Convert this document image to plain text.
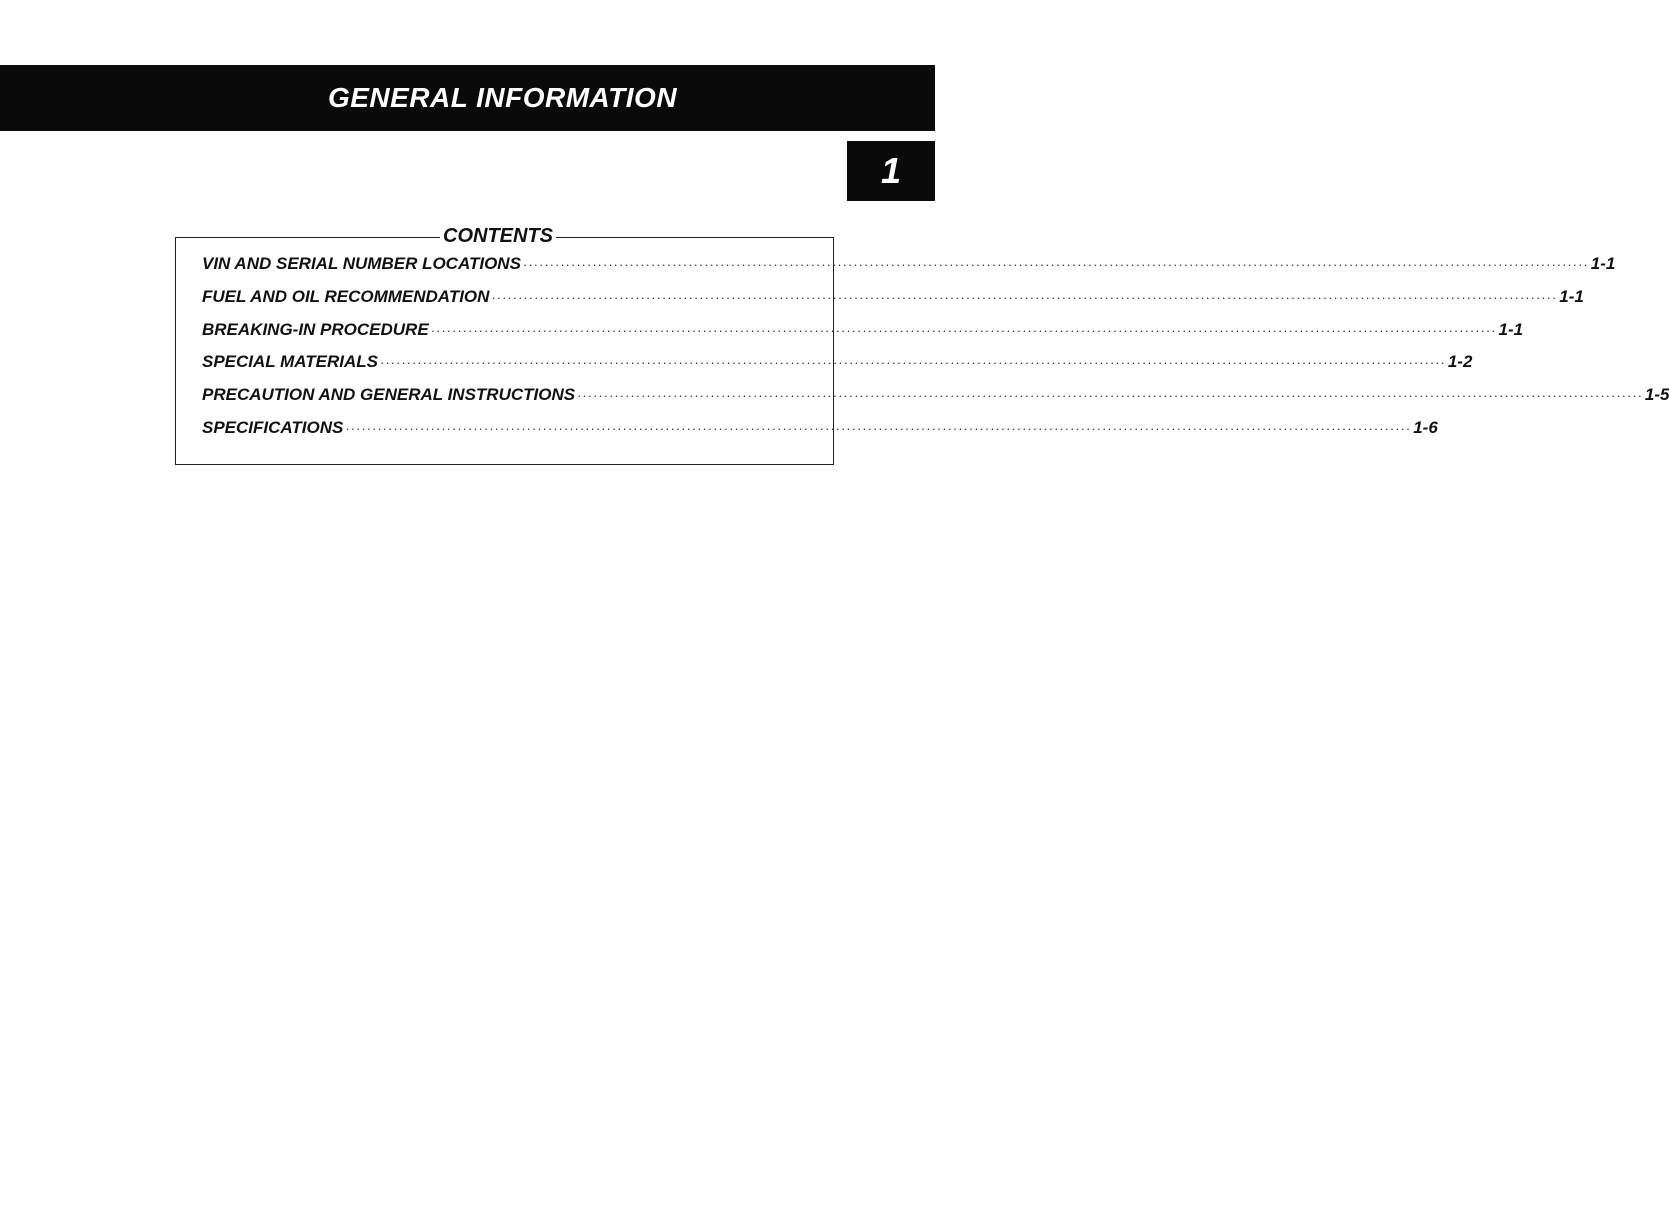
GENERAL INFORMATION
1
CONTENTS
VIN AND SERIAL NUMBER LOCATIONS ········································································································································································································ 1-1
FUEL AND OIL RECOMMENDATION ········································································································································································································ 1-1
BREAKING-IN PROCEDURE ········································································································································································································ 1-1
SPECIAL MATERIALS ········································································································································································································ 1-2
PRECAUTION AND GENERAL INSTRUCTIONS ········································································································································································································ 1-5
SPECIFICATIONS ········································································································································································································ 1-6
